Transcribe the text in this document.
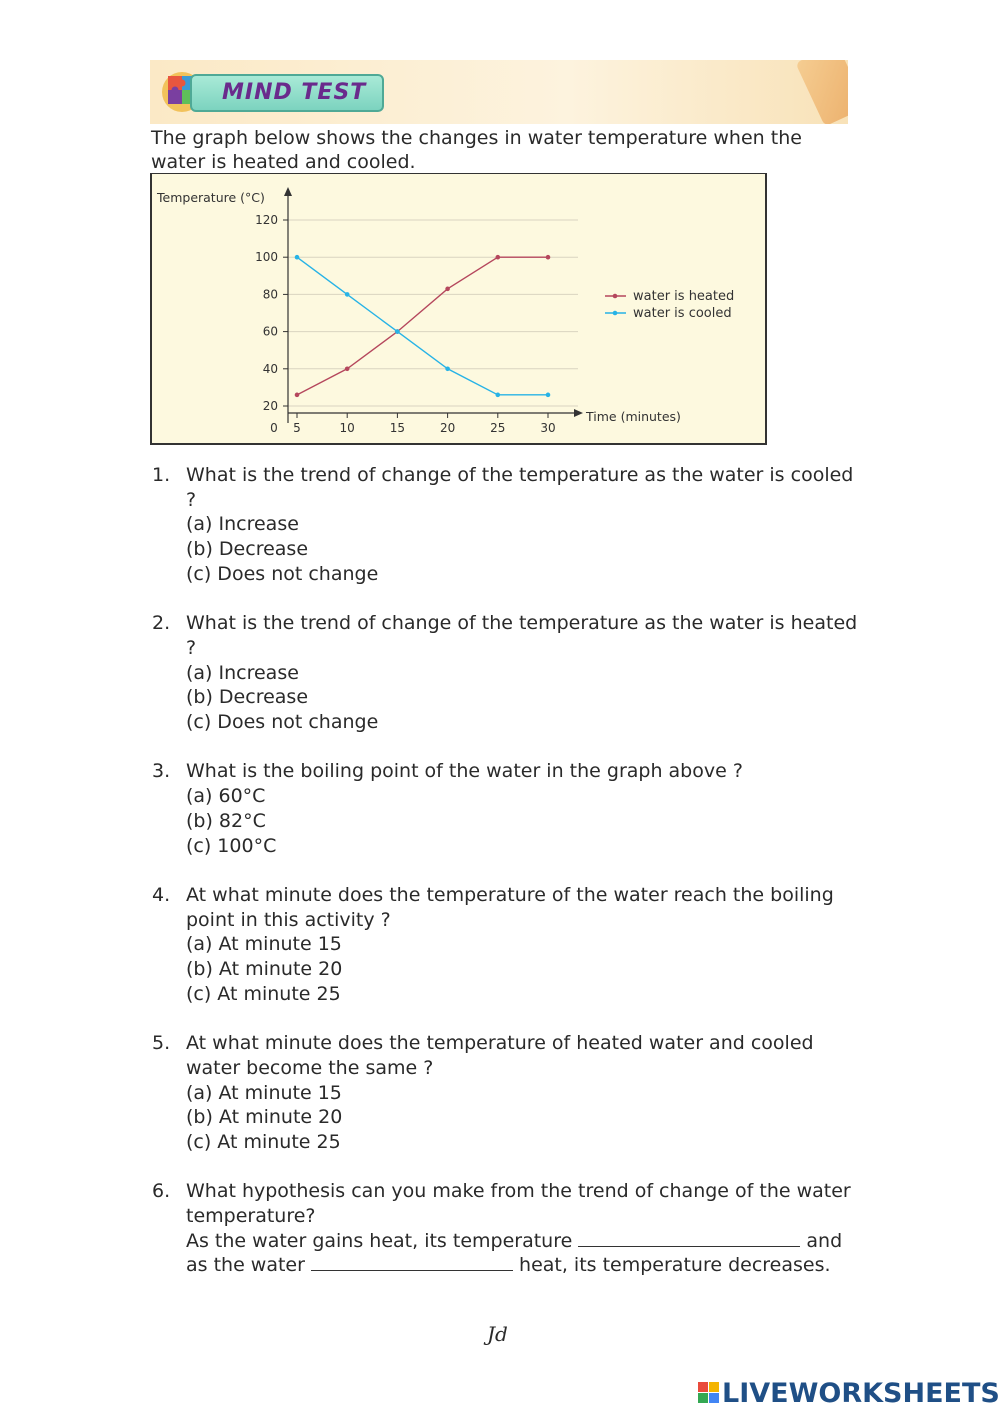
MIND TEST
The graph below shows the changes in water temperature when the water is heated and cooled.
20
40
60
80
100
120
5	10	15	20	25	30
0
Temperature (°C)
Time (minutes)
water is heated
water is cooled
1. What is the trend of change of the temperature as the water is cooled ?
(a) Increase
(b) Decrease
(c) Does not change
2. What is the trend of change of the temperature as the water is heated ?
(a) Increase
(b) Decrease
(c) Does not change
3. What is the boiling point of the water in the graph above ?
(a) 60°C
(b) 82°C
(c) 100°C
4. At what minute does the temperature of the water reach the boiling point in this activity ?
(a) At minute 15
(b) At minute 20
(c) At minute 25
5. At what minute does the temperature of heated water and cooled water become the same ?
(a) At minute 15
(b) At minute 20
(c) At minute 25
6. What hypothesis can you make from the trend of change of the water temperature?
As the water gains heat, its temperature	and
as the water	heat, its temperature decreases.
Jd
LIVEWORKSHEETS
